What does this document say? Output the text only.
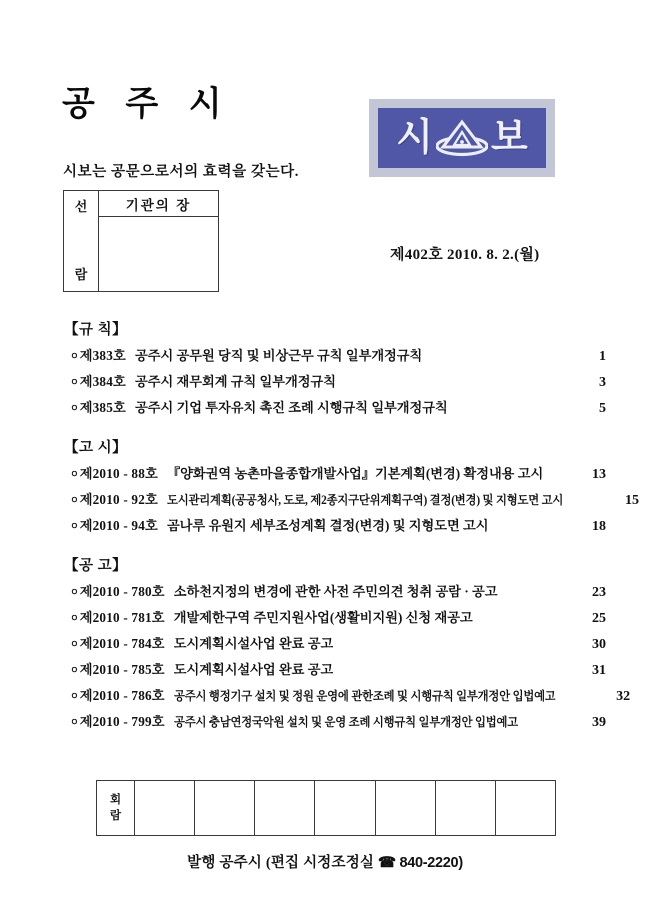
공 주 시
시보는 공문으로서의 효력을 갖는다.
시 보
선
람
기관의 장
제402호 2010. 8. 2.(월)
【규 칙】
ㅇ 제383호 공주시 공무원 당직 및 비상근무 규칙 일부개정규칙	1
ㅇ 제384호 공주시 재무회계 규칙 일부개정규칙	3
ㅇ 제385호 공주시 기업 투자유치 촉진 조례 시행규칙 일부개정규칙	5
【고 시】
ㅇ 제2010 - 88호 『양화권역 농촌마을종합개발사업』기본계획(변경) 확정내용 고시	13
ㅇ 제2010 - 92호 도시관리계획(공공청사, 도로, 제2종지구단위계획구역) 결정(변경) 및 지형도면 고시	15
ㅇ 제2010 - 94호 곰나루 유원지 세부조성계획 결정(변경) 및 지형도면 고시	18
【공 고】
ㅇ 제2010 - 780호 소하천지정의 변경에 관한 사전 주민의견 청취 공람 · 공고	23
ㅇ 제2010 - 781호 개발제한구역 주민지원사업(생활비지원) 신청 재공고	25
ㅇ 제2010 - 784호 도시계획시설사업 완료 공고	30
ㅇ 제2010 - 785호 도시계획시설사업 완료 공고	31
ㅇ 제2010 - 786호 공주시 행정기구 설치 및 정원 운영에 관한조례 및 시행규칙 일부개정안 입법예고	32
ㅇ 제2010 - 799호 공주시 충남연정국악원 설치 및 운영 조례 시행규칙 일부개정안 입법예고	39
회
람
발행 공주시 (편집 시정조정실 ☎ 840-2220)
